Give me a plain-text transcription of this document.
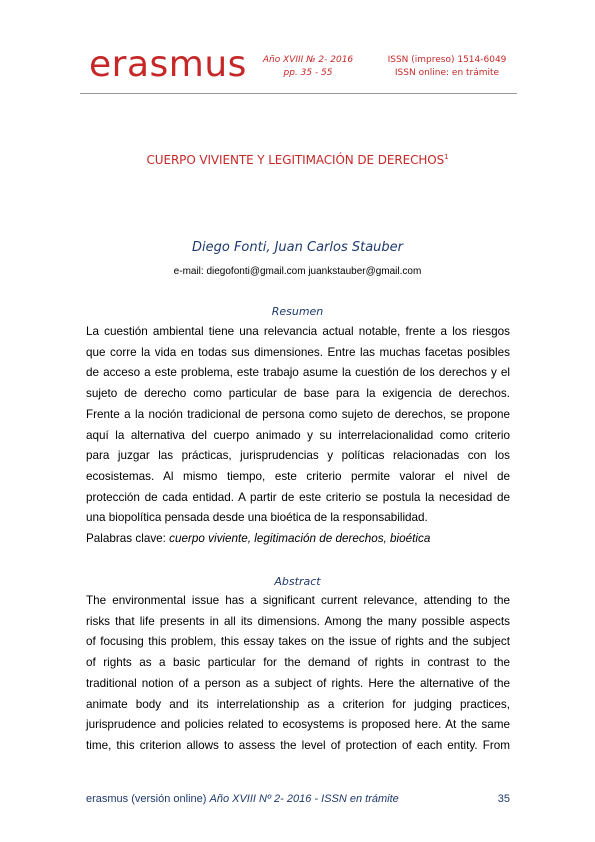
erasmus	Año XVIII № 2- 2016
pp. 35 - 55
ISSN (impreso) 1514-6049
ISSN online: en trámite
CUERPO VIVIENTE Y LEGITIMACIÓN DE DERECHOS$^1$
Diego Fonti, Juan Carlos Stauber
e-mail: diegofonti@gmail.com juankstauber@gmail.com
Resumen
La cuestión ambiental tiene una relevancia actual notable, frente a los riesgos
que corre la vida en todas sus dimensiones. Entre las muchas facetas posibles
de acceso a este problema, este trabajo asume la cuestión de los derechos y el
sujeto de derecho como particular de base para la exigencia de derechos.
Frente a la noción tradicional de persona como sujeto de derechos, se propone
aquí la alternativa del cuerpo animado y su interrelacionalidad como criterio
para juzgar las prácticas, jurisprudencias y políticas relacionadas con los
ecosistemas. Al mismo tiempo, este criterio permite valorar el nivel de
protección de cada entidad. A partir de este criterio se postula la necesidad de
una biopolítica pensada desde una bioética de la responsabilidad.
Palabras clave: cuerpo viviente, legitimación de derechos, bioética
Abstract
The environmental issue has a significant current relevance, attending to the
risks that life presents in all its dimensions. Among the many possible aspects
of focusing this problem, this essay takes on the issue of rights and the subject
of rights as a basic particular for the demand of rights in contrast to the
traditional notion of a person as a subject of rights. Here the alternative of the
animate body and its interrelationship as a criterion for judging practices,
jurisprudence and policies related to ecosystems is proposed here. At the same
time, this criterion allows to assess the level of protection of each entity. From
erasmus (versión online) Año XVIII Nº 2- 2016 - ISSN en trámite	35
